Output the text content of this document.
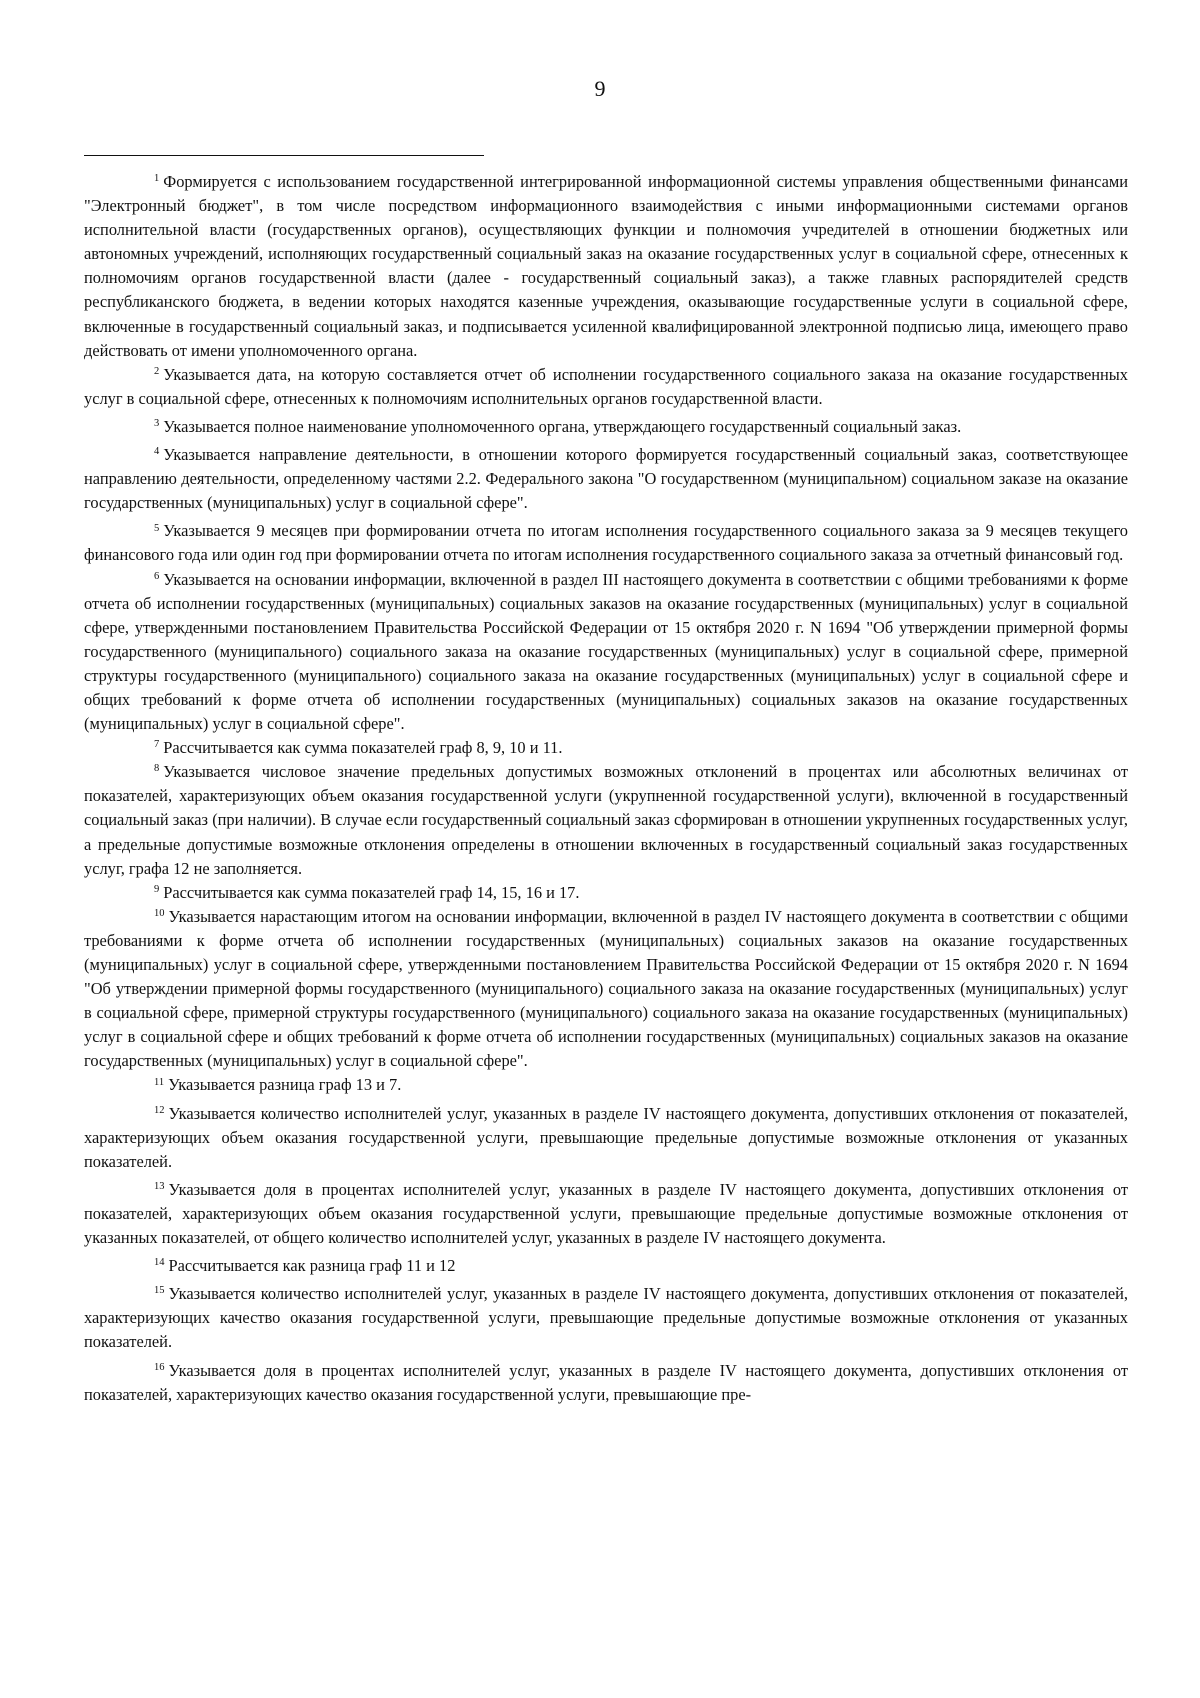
9

$^1$ Формируется с использованием государственной интегрированной информационной системы управления общественными финансами "Электронный бюджет", в том числе посредством информационного взаимодействия с иными информационными системами органов исполнительной власти (государственных органов), осуществляющих функции и полномочия учредителей в отношении бюджетных или автономных учреждений, исполняющих государственный социальный заказ на оказание государственных услуг в социальной сфере, отнесенных к полномочиям органов государственной власти (далее - государственный социальный заказ), а также главных распорядителей средств республиканского бюджета, в ведении которых находятся казенные учреждения, оказывающие государственные услуги в социальной сфере, включенные в государственный социальный заказ, и подписывается усиленной квалифицированной электронной подписью лица, имеющего право действовать от имени уполномоченного органа.

$^2$ Указывается дата, на которую составляется отчет об исполнении государственного социального заказа на оказание государственных услуг в социальной сфере, отнесенных к полномочиям исполнительных органов государственной власти.

$^3$ Указывается полное наименование уполномоченного органа, утверждающего государственный социальный заказ.

$^4$ Указывается направление деятельности, в отношении которого формируется государственный социальный заказ, соответствующее направлению деятельности, определенному частями 2.2. Федерального закона "О государственном (муниципальном) социальном заказе на оказание государственных (муниципальных) услуг в социальной сфере".

$^5$ Указывается 9 месяцев при формировании отчета по итогам исполнения государственного социального заказа за 9 месяцев текущего финансового года или один год при формировании отчета по итогам исполнения государственного социального заказа за отчетный финансовый год.

$^6$ Указывается на основании информации, включенной в раздел III настоящего документа в соответствии с общими требованиями к форме отчета об исполнении государственных (муниципальных) социальных заказов на оказание государственных (муниципальных) услуг в социальной сфере, утвержденными постановлением Правительства Российской Федерации от 15 октября 2020 г. N 1694 "Об утверждении примерной формы государственного (муниципального) социального заказа на оказание государственных (муниципальных) услуг в социальной сфере, примерной структуры государственного (муниципального) социального заказа на оказание государственных (муниципальных) услуг в социальной сфере и общих требований к форме отчета об исполнении государственных (муниципальных) социальных заказов на оказание государственных (муниципальных) услуг в социальной сфере".

$^7$ Рассчитывается как сумма показателей граф 8, 9, 10 и 11.

$^8$ Указывается числовое значение предельных допустимых возможных отклонений в процентах или абсолютных величинах от показателей, характеризующих объем оказания государственной услуги (укрупненной государственной услуги), включенной в государственный социальный заказ (при наличии). В случае если государственный социальный заказ сформирован в отношении укрупненных государственных услуг, а предельные допустимые возможные отклонения определены в отношении включенных в государственный социальный заказ государственных услуг, графа 12 не заполняется.

$^9$ Рассчитывается как сумма показателей граф 14, 15, 16 и 17.

$^{10}$ Указывается нарастающим итогом на основании информации, включенной в раздел IV настоящего документа в соответствии с общими требованиями к форме отчета об исполнении государственных (муниципальных) социальных заказов на оказание государственных (муниципальных) услуг в социальной сфере, утвержденными постановлением Правительства Российской Федерации от 15 октября 2020 г. N 1694 "Об утверждении примерной формы государственного (муниципального) социального заказа на оказание государственных (муниципальных) услуг в социальной сфере, примерной структуры государственного (муниципального) социального заказа на оказание государственных (муниципальных) услуг в социальной сфере и общих требований к форме отчета об исполнении государственных (муниципальных) социальных заказов на оказание государственных (муниципальных) услуг в социальной сфере".

$^{11}$ Указывается разница граф 13 и 7.

$^{12}$ Указывается количество исполнителей услуг, указанных в разделе IV настоящего документа, допустивших отклонения от показателей, характеризующих объем оказания государственной услуги, превышающие предельные допустимые возможные отклонения от указанных показателей.

$^{13}$ Указывается доля в процентах исполнителей услуг, указанных в разделе IV настоящего документа, допустивших отклонения от показателей, характеризующих объем оказания государственной услуги, превышающие предельные допустимые возможные отклонения от указанных показателей, от общего количество исполнителей услуг, указанных в разделе IV настоящего документа.

$^{14}$ Рассчитывается как разница граф 11 и 12

$^{15}$ Указывается количество исполнителей услуг, указанных в разделе IV настоящего документа, допустивших отклонения от показателей, характеризующих качество оказания государственной услуги, превышающие предельные допустимые возможные отклонения от указанных показателей.

$^{16}$ Указывается доля в процентах исполнителей услуг, указанных в разделе IV настоящего документа, допустивших отклонения от показателей, характеризующих качество оказания государственной услуги, превышающие пре-
